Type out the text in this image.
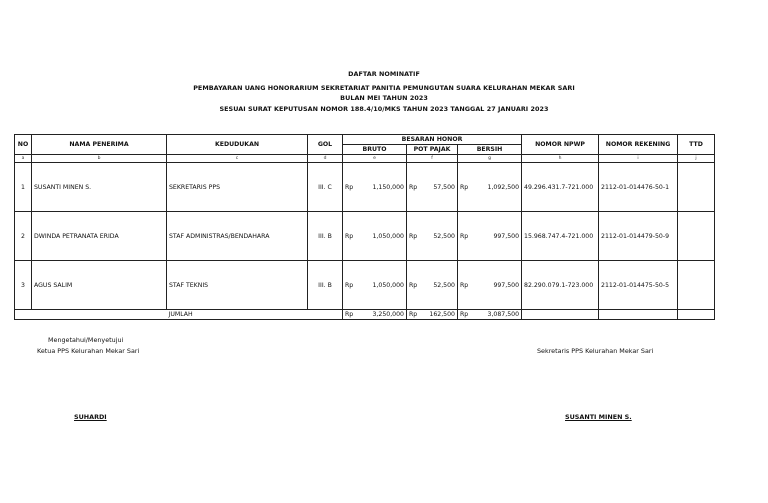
DAFTAR NOMINATIF
PEMBAYARAN UANG HONORARIUM SEKRETARIAT PANITIA PEMUNGUTAN SUARA KELURAHAN MEKAR SARI
BULAN MEI TAHUN 2023
SESUAI SURAT KEPUTUSAN NOMOR 188.4/10/MKS TAHUN 2023 TANGGAL 27 JANUARI 2023
NO	NAMA PENERIMA	KEDUDUKAN	GOL	BESARAN HONOR						NOMOR NPWP	NOMOR REKENING	TTD
				BRUTO		POT PAJAK		BERSIH				
a	b	c	d	e		f		g		h	i	j
1	SUSANTI MINEN S.	SEKRETARIS PPS	III. C	Rp	1,150,000	Rp	57,500	Rp	1,092,500	49.296.431.7-721.000	2112-01-014476-50-1	
2	DWINDA PETRANATA ERIDA	STAF ADMINISTRAS/BENDAHARA	III. B	Rp	1,050,000	Rp	52,500	Rp	997,500	15.968.747.4-721.000	2112-01-014479-50-9	
3	AGUS SALIM	STAF TEKNIS	III. B	Rp	1,050,000	Rp	52,500	Rp	997,500	82.290.079.1-723.000	2112-01-014475-50-5	
		JUMLAH		Rp	3,250,000	Rp	162,500	Rp	3,087,500			
Mengetahui/Menyetujui
Ketua PPS Kelurahan Mekar Sari	Sekretaris PPS Kelurahan Mekar Sari
SUHARDI	SUSANTI MINEN S.
